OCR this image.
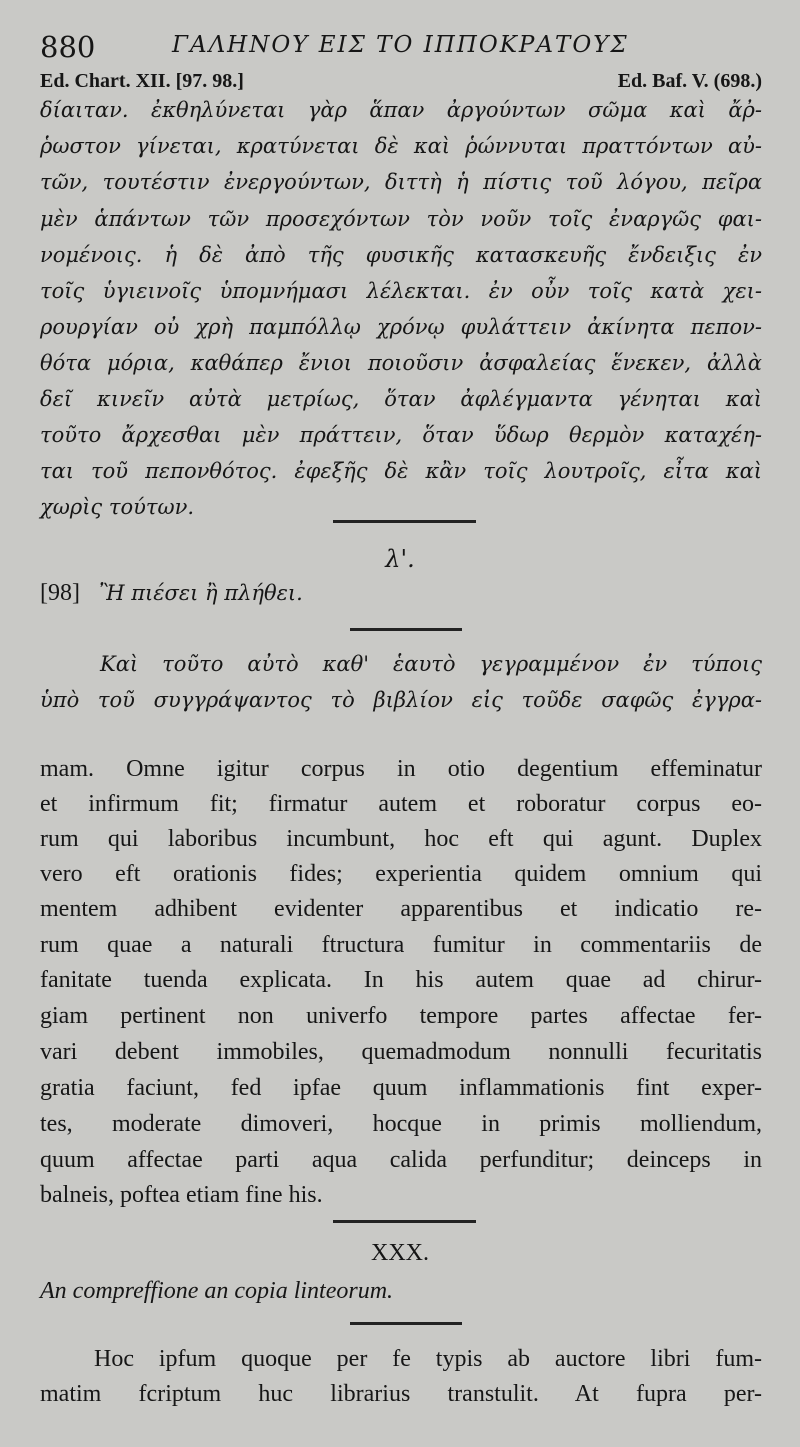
880	ΓΑΛΗΝΟΥ ΕΙΣ ΤΟ ΙΠΠΟΚΡΑΤΟΥΣ
Ed. Chart. XII. [97. 98.]	Ed. Baf. V. (698.)
δίαιταν. ἐκθηλύνεται γὰρ ἅπαν ἀργούντων σῶμα καὶ ἄῤ-
ῥωστον γίνεται, κρατύνεται δὲ καὶ ῥώννυται πραττόντων αὐ-
τῶν, τουτέστιν ἐνεργούντων, διττὴ ἡ πίστις τοῦ λόγου, πεῖρα
μὲν ἁπάντων τῶν προσεχόντων τὸν νοῦν τοῖς ἐναργῶς φαι-
νομένοις. ἡ δὲ ἀπὸ τῆς φυσικῆς κατασκευῆς ἔνδειξις ἐν
τοῖς ὑγιεινοῖς ὑπομνήμασι λέλεκται. ἐν οὖν τοῖς κατὰ χει-
ρουργίαν οὐ χρὴ παμπόλλῳ χρόνῳ φυλάττειν ἀκίνητα πεπον-
θότα μόρια, καθάπερ ἔνιοι ποιοῦσιν ἀσφαλείας ἕνεκεν, ἀλλὰ
δεῖ κινεῖν αὐτὰ μετρίως, ὅταν ἀφλέγμαντα γένηται καὶ
τοῦτο ἄρχεσθαι μὲν πράττειν, ὅταν ὕδωρ θερμὸν καταχέη-
ται τοῦ πεπονθότος. ἐφεξῆς δὲ κἂν τοῖς λουτροῖς, εἶτα καὶ
χωρὶς τούτων.
λ'.
[98] Ἢ πιέσει ἢ πλήθει.
Καὶ τοῦτο αὐτὸ καθ' ἑαυτὸ γεγραμμένον ἐν τύποις
ὑπὸ τοῦ συγγράψαντος τὸ βιβλίον εἰς τοῦδε σαφῶς ἐγγρα-
mam. Omne igitur corpus in otio degentium effeminatur
et infirmum fit; firmatur autem et roboratur corpus eo-
rum qui laboribus incumbunt, hoc eft qui agunt. Duplex
vero eft orationis fides; experientia quidem omnium qui
mentem adhibent evidenter apparentibus et indicatio re-
rum quae a naturali ftructura fumitur in commentariis de
fanitate tuenda explicata. In his autem quae ad chirur-
giam pertinent non univerfo tempore partes affectae fer-
vari debent immobiles, quemadmodum nonnulli fecuritatis
gratia faciunt, fed ipfae quum inflammationis fint exper-
tes, moderate dimoveri, hocque in primis molliendum,
quum affectae parti aqua calida perfunditur; deinceps in
balneis, poftea etiam fine his.
XXX.
An compreffione an copia linteorum.
Hoc ipfum quoque per fe typis ab auctore libri fum-
matim fcriptum huc librarius transtulit. At fupra per-
